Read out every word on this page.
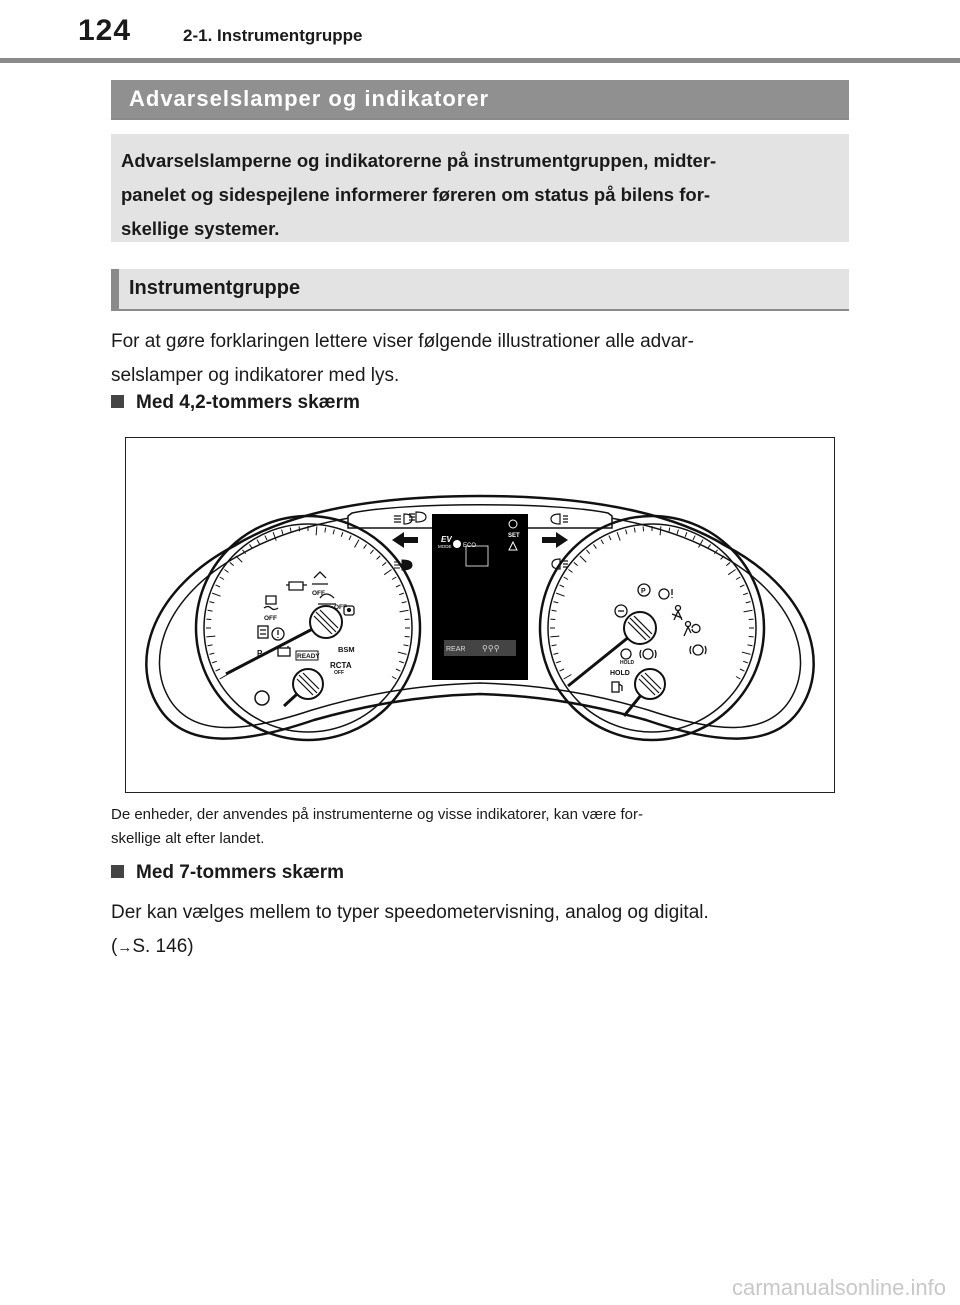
124	2-1. Instrumentgruppe
Advarselslamper og indikatorer

Advarselslamperne og indikatorerne på instrumentgruppen, midter-

panelet og sidespejlene informerer føreren om status på bilens for-

skellige systemer.

Instrumentgruppe
For at gøre forklaringen lettere viser følgende illustrationer alle advar-
selslamper og indikatorer med lys.
Med 4,2-tommers skærm
REAR ⚲⚲⚲
EV
MODE ECO
SET
OFF
OFF
OFF
P	READY
BSM
RCTA
OFF
P
HOLD
HOLD
De enheder, der anvendes på instrumenterne og visse indikatorer, kan være for-
skellige alt efter landet.
Med 7-tommers skærm
Der kan vælges mellem to typer speedometervisning, analog og digital.
(→S. 146)
carmanualsonline.info
